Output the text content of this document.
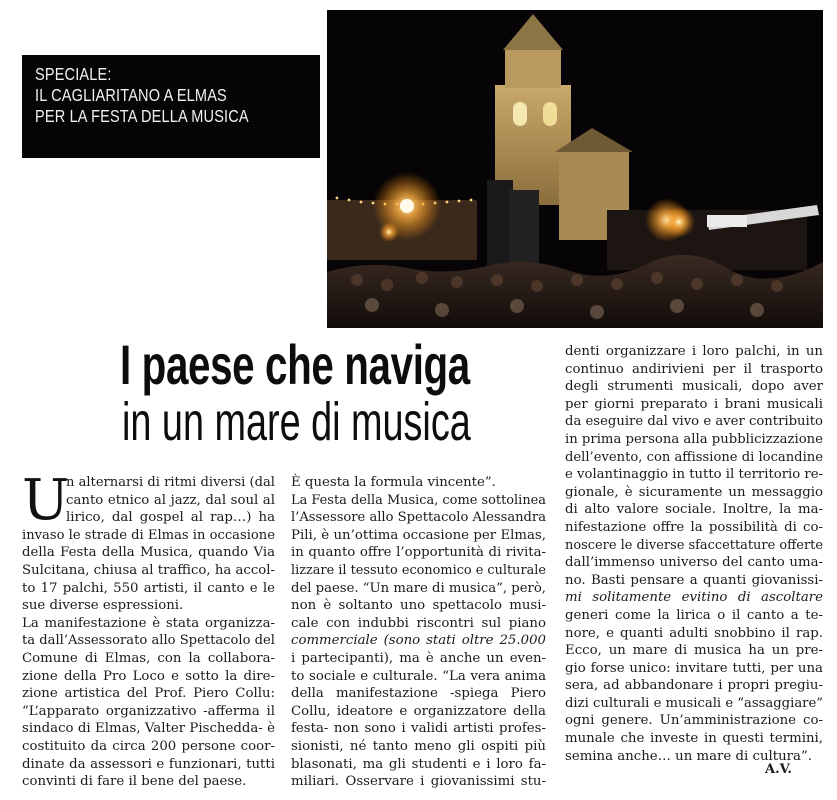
SPECIALE:
IL CAGLIARITANO A ELMAS
PER LA FESTA DELLA MUSICA
I paese che naviga
in un mare di musica
U
n alternarsi di ritmi diversi (dal
canto etnico al jazz, dal soul al
lirico, dal gospel al rap…) ha
invaso le strade di Elmas in occasione
della Festa della Musica, quando Via
Sulcitana, chiusa al traffico, ha accol-
to 17 palchi, 550 artisti, il canto e le
sue diverse espressioni.
La manifestazione è stata organizza-
ta dall’Assessorato allo Spettacolo del
Comune di Elmas, con la collabora-
zione della Pro Loco e sotto la dire-
zione artistica del Prof. Piero Collu:
“L’apparato organizzativo -afferma il
sindaco di Elmas, Valter Pischedda- è
costituito da circa 200 persone coor-
dinate da assessori e funzionari, tutti
convinti di fare il bene del paese.
È questa la formula vincente”.
La Festa della Musica, come sottolinea
l’Assessore allo Spettacolo Alessandra
Pili, è un’ottima occasione per Elmas,
in quanto offre l’opportunità di rivita-
lizzare il tessuto economico e culturale
del paese. “Un mare di musica”, però,
non è soltanto uno spettacolo musi-
cale con indubbi riscontri sul piano
commerciale (sono stati oltre 25.000
i partecipanti), ma è anche un even-
to sociale e culturale. “La vera anima
della manifestazione -spiega Piero
Collu, ideatore e organizzatore della
festa- non sono i validi artisti profes-
sionisti, né tanto meno gli ospiti più
blasonati, ma gli studenti e i loro fa-
miliari. Osservare i giovanissimi stu-
denti organizzare i loro palchi, in un
continuo andirivieni per il trasporto
degli strumenti musicali, dopo aver
per giorni preparato i brani musicali
da eseguire dal vivo e aver contribuito
in prima persona alla pubblicizzazione
dell’evento, con affissione di locandine
e volantinaggio in tutto il territorio re-
gionale, è sicuramente un messaggio
di alto valore sociale. Inoltre, la ma-
nifestazione offre la possibilità di co-
noscere le diverse sfaccettature offerte
dall’immenso universo del canto uma-
no. Basti pensare a quanti giovanissi-
mi solitamente evitino di ascoltare
generi come la lirica o il canto a te-
nore, e quanti adulti snobbino il rap.
Ecco, un mare di musica ha un pre-
gio forse unico: invitare tutti, per una
sera, ad abbandonare i propri pregiu-
dizi culturali e musicali e “assaggiare”
ogni genere. Un’amministrazione co-
munale che investe in questi termini,
semina anche… un mare di cultura”.
A.V.
